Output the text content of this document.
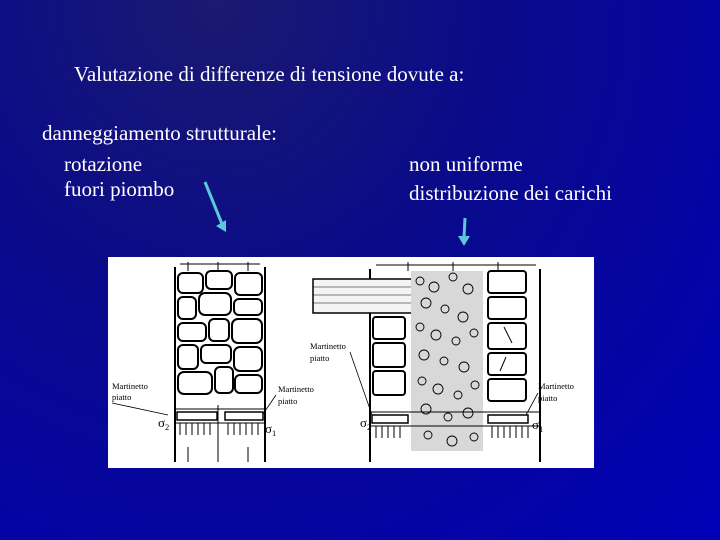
Valutazione di differenze di tensione dovute a:
danneggiamento strutturale:
rotazione
fuori piombo
non uniforme
distribuzione dei carichi
Martinetto
piatto
Martinetto
piatto
σ 2	σ 1
Martinetto
piatto
Martinetto
piatto
σ 2	σ 1
